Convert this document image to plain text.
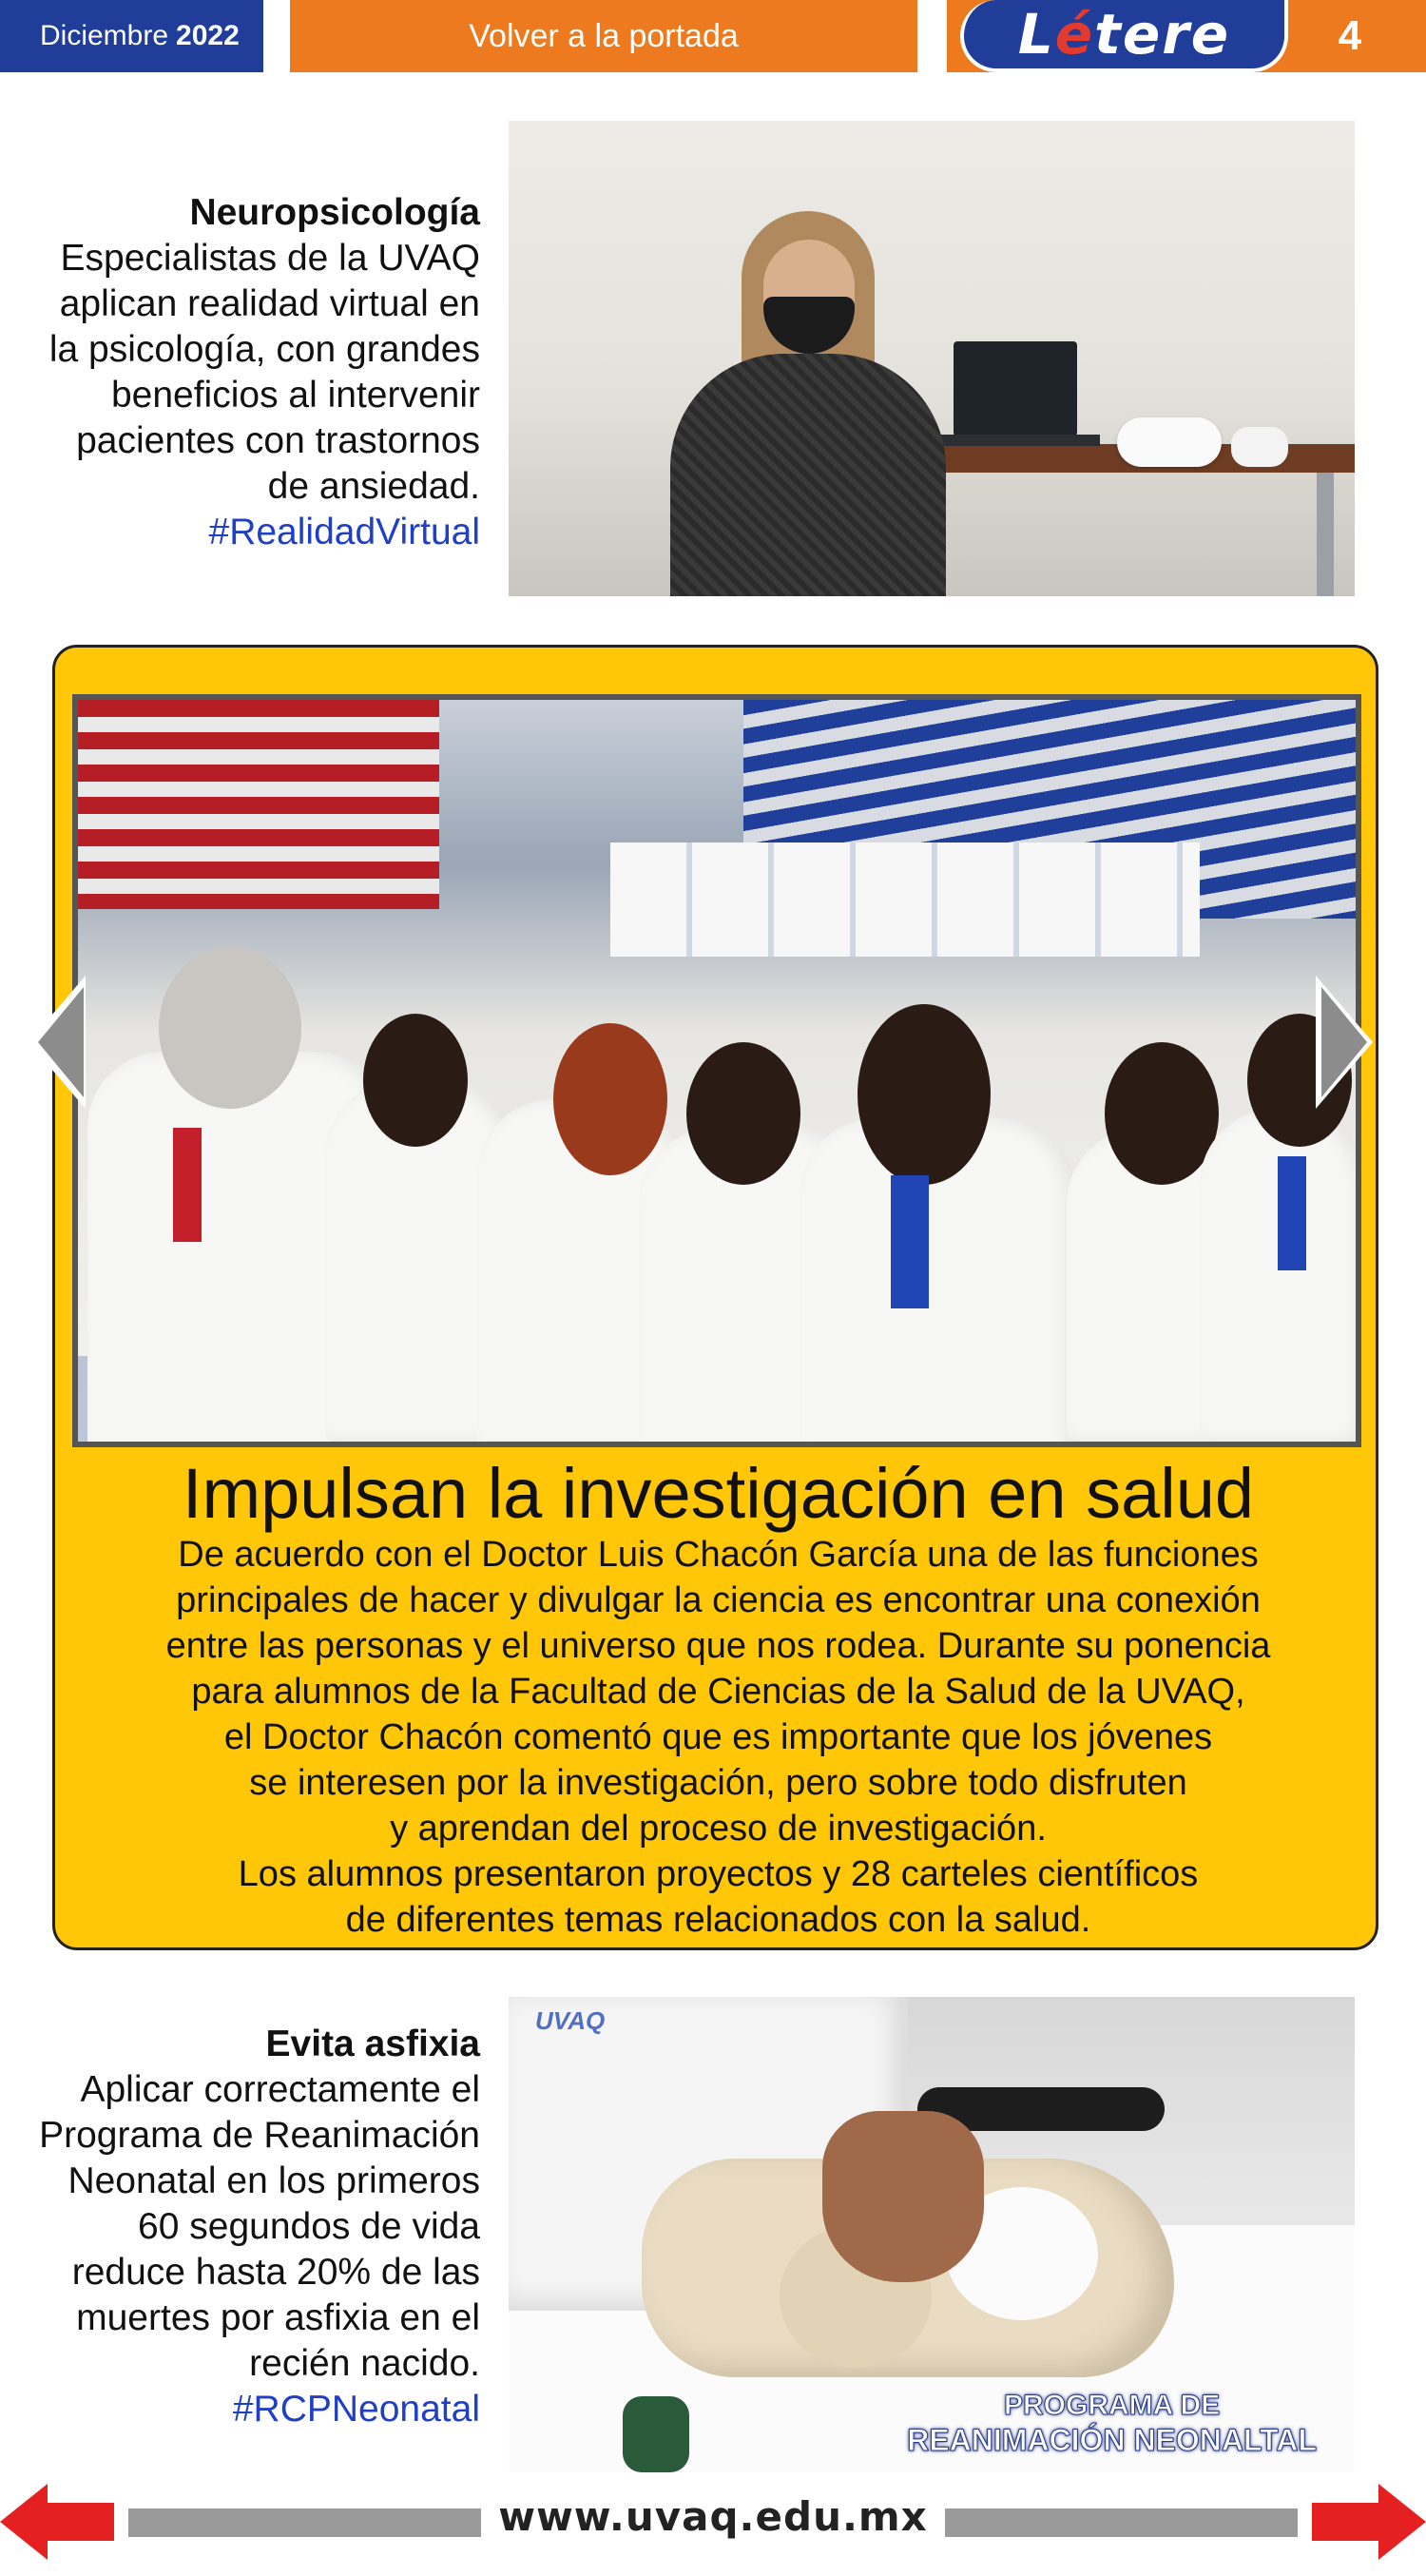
Diciembre 2022	Volver a la portada	L é tere	4
Neuropsicología
Especialistas de la UVAQ aplican realidad virtual en la psicología, con grandes beneficios al intervenir pacientes con trastornos de ansiedad.
#RealidadVirtual
Impulsan la investigación en salud
De acuerdo con el Doctor Luis Chacón García una de las funciones
principales de hacer y divulgar la ciencia es encontrar una conexión
entre las personas y el universo que nos rodea. Durante su ponencia
para alumnos de la Facultad de Ciencias de la Salud de la UVAQ,
el Doctor Chacón comentó que es importante que los jóvenes
se interesen por la investigación, pero sobre todo disfruten
y aprendan del proceso de investigación.
Los alumnos presentaron proyectos y 28 carteles científicos
de diferentes temas relacionados con la salud.
Evita asfixia
Aplicar correctamente el Programa de Reanimación Neonatal en los primeros 60 segundos de vida reduce hasta 20% de las muertes por asfixia en el recién nacido.
#RCPNeonatal
UVAQ
PROGRAMA DE
REANIMACIÓN NEONALTAL
www.uvaq.edu.mx
